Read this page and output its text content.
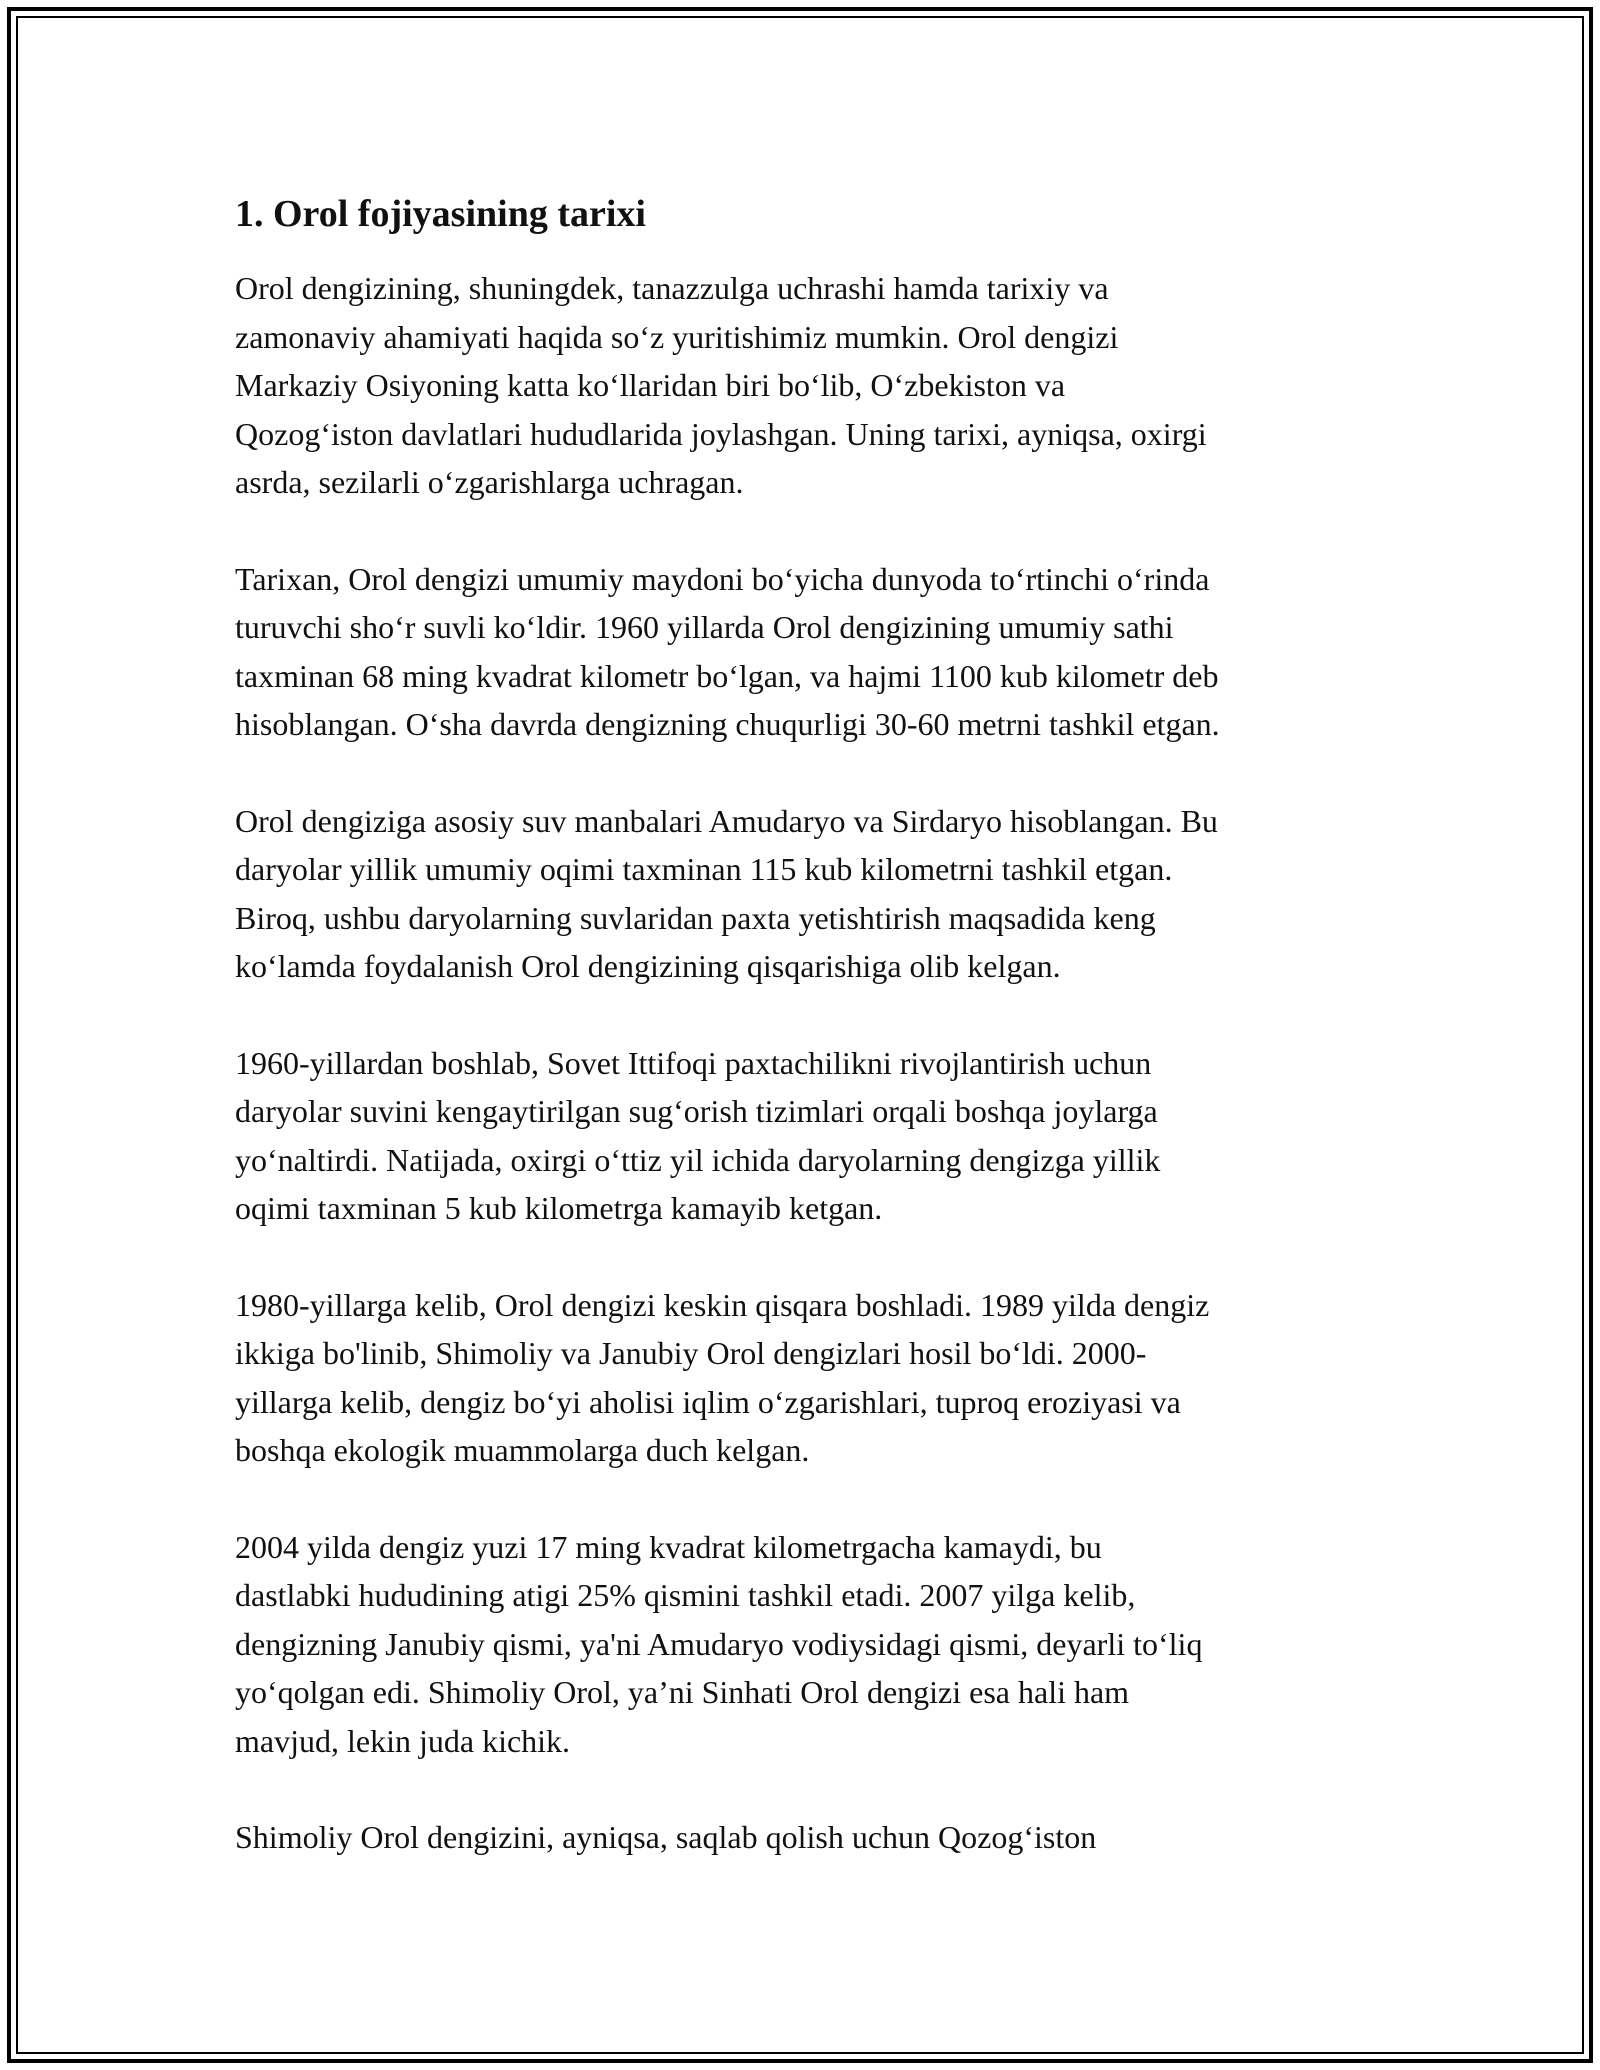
1. Orol fojiyasining tarixi

Orol dengizining, shuningdek, tanazzulga uchrashi hamda tarixiy va
zamonaviy ahamiyati haqida so‘z yuritishimiz mumkin. Orol dengizi
Markaziy Osiyoning katta ko‘llaridan biri bo‘lib, O‘zbekiston va
Qozog‘iston davlatlari hududlarida joylashgan. Uning tarixi, ayniqsa, oxirgi
asrda, sezilarli o‘zgarishlarga uchragan.

Tarixan, Orol dengizi umumiy maydoni bo‘yicha dunyoda to‘rtinchi o‘rinda
turuvchi sho‘r suvli ko‘ldir. 1960 yillarda Orol dengizining umumiy sathi
taxminan 68 ming kvadrat kilometr bo‘lgan, va hajmi 1100 kub kilometr deb
hisoblangan. O‘sha davrda dengizning chuqurligi 30-60 metrni tashkil etgan.

Orol dengiziga asosiy suv manbalari Amudaryo va Sirdaryo hisoblangan. Bu
daryolar yillik umumiy oqimi taxminan 115 kub kilometrni tashkil etgan.
Biroq, ushbu daryolarning suvlaridan paxta yetishtirish maqsadida keng
ko‘lamda foydalanish Orol dengizining qisqarishiga olib kelgan.

1960-yillardan boshlab, Sovet Ittifoqi paxtachilikni rivojlantirish uchun
daryolar suvini kengaytirilgan sug‘orish tizimlari orqali boshqa joylarga
yo‘naltirdi. Natijada, oxirgi o‘ttiz yil ichida daryolarning dengizga yillik
oqimi taxminan 5 kub kilometrga kamayib ketgan.

1980-yillarga kelib, Orol dengizi keskin qisqara boshladi. 1989 yilda dengiz
ikkiga bo'linib, Shimoliy va Janubiy Orol dengizlari hosil bo‘ldi. 2000-
yillarga kelib, dengiz bo‘yi aholisi iqlim o‘zgarishlari, tuproq eroziyasi va
boshqa ekologik muammolarga duch kelgan.

2004 yilda dengiz yuzi 17 ming kvadrat kilometrgacha kamaydi, bu
dastlabki hududining atigi 25% qismini tashkil etadi. 2007 yilga kelib,
dengizning Janubiy qismi, ya'ni Amudaryo vodiysidagi qismi, deyarli to‘liq
yo‘qolgan edi. Shimoliy Orol, ya’ni Sinhati Orol dengizi esa hali ham
mavjud, lekin juda kichik.

Shimoliy Orol dengizini, ayniqsa, saqlab qolish uchun Qozog‘iston
